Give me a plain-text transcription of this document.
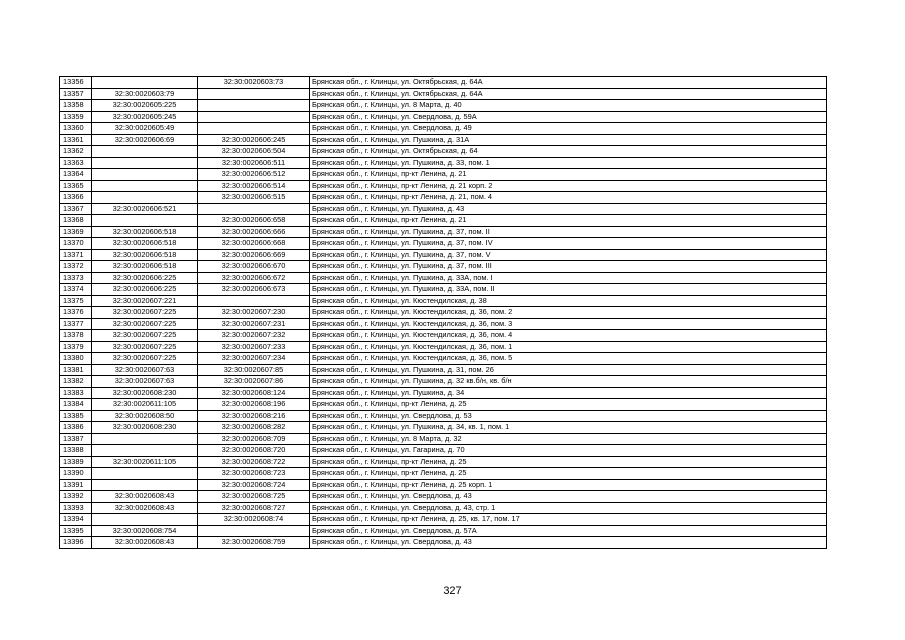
13356		32:30:0020603:73	Брянская обл., г. Клинцы, ул. Октябрьская, д. 64А
13357	32:30:0020603:79		Брянская обл., г. Клинцы, ул. Октябрьская, д. 64А
13358	32:30:0020605:225		Брянская обл., г. Клинцы, ул. 8 Марта, д. 40
13359	32:30:0020605:245		Брянская обл., г. Клинцы, ул. Свердлова, д. 59А
13360	32:30:0020605:49		Брянская обл., г. Клинцы, ул. Свердлова, д. 49
13361	32:30:0020606:69	32:30:0020606:245	Брянская обл., г. Клинцы, ул. Пушкина, д. 31А
13362		32:30:0020606:504	Брянская обл., г. Клинцы, ул. Октябрьская, д. 64
13363		32:30:0020606:511	Брянская обл., г. Клинцы, ул. Пушкина, д. 33, пом. 1
13364		32:30:0020606:512	Брянская обл., г. Клинцы, пр-кт Ленина, д. 21
13365		32:30:0020606:514	Брянская обл., г. Клинцы, пр-кт Ленина, д. 21 корп. 2
13366		32:30:0020606:515	Брянская обл., г. Клинцы, пр-кт Ленина, д. 21, пом. 4
13367	32:30:0020606:521		Брянская обл., г. Клинцы, ул. Пушкина, д. 43
13368		32:30:0020606:658	Брянская обл., г. Клинцы, пр-кт Ленина, д. 21
13369	32:30:0020606:518	32:30:0020606:666	Брянская обл., г. Клинцы, ул. Пушкина, д. 37, пом. II
13370	32:30:0020606:518	32:30:0020606:668	Брянская обл., г. Клинцы, ул. Пушкина, д. 37, пом. IV
13371	32:30:0020606:518	32:30:0020606:669	Брянская обл., г. Клинцы, ул. Пушкина, д. 37, пом. V
13372	32:30:0020606:518	32:30:0020606:670	Брянская обл., г. Клинцы, ул. Пушкина, д. 37, пом. III
13373	32:30:0020606:225	32:30:0020606:672	Брянская обл., г. Клинцы, ул. Пушкина, д. 33А, пом. I
13374	32:30:0020606:225	32:30:0020606:673	Брянская обл., г. Клинцы, ул. Пушкина, д. 33А, пом. II
13375	32:30:0020607:221		Брянская обл., г. Клинцы, ул. Кюстендилская, д. 38
13376	32:30:0020607:225	32:30:0020607:230	Брянская обл., г. Клинцы, ул. Кюстендилская, д. 36, пом. 2
13377	32:30:0020607:225	32:30:0020607:231	Брянская обл., г. Клинцы, ул. Кюстендилская, д. 36, пом. 3
13378	32:30:0020607:225	32:30:0020607:232	Брянская обл., г. Клинцы, ул. Кюстендилская, д. 36, пом. 4
13379	32:30:0020607:225	32:30:0020607:233	Брянская обл., г. Клинцы, ул. Кюстендилская, д. 36, пом. 1
13380	32:30:0020607:225	32:30:0020607:234	Брянская обл., г. Клинцы, ул. Кюстендилская, д. 36, пом. 5
13381	32:30:0020607:63	32:30:0020607:85	Брянская обл., г. Клинцы, ул. Пушкина, д. 31, пом. 26
13382	32:30:0020607:63	32:30:0020607:86	Брянская обл., г. Клинцы, ул. Пушкина, д. 32 кв.б/н, кв. б/н
13383	32:30:0020608:230	32:30:0020608:124	Брянская обл., г. Клинцы, ул. Пушкина, д. 34
13384	32:30:0020611:105	32:30:0020608:196	Брянская обл., г. Клинцы, пр-кт Ленина, д. 25
13385	32:30:0020608:50	32:30:0020608:216	Брянская обл., г. Клинцы, ул. Свердлова, д. 53
13386	32:30:0020608:230	32:30:0020608:282	Брянская обл., г. Клинцы, ул. Пушкина, д. 34, кв. 1, пом. 1
13387		32:30:0020608:709	Брянская обл., г. Клинцы, ул. 8 Марта, д. 32
13388		32:30:0020608:720	Брянская обл., г. Клинцы, ул. Гагарина, д. 70
13389	32:30:0020611:105	32:30:0020608:722	Брянская обл., г. Клинцы, пр-кт Ленина, д. 25
13390		32:30:0020608:723	Брянская обл., г. Клинцы, пр-кт Ленина, д. 25
13391		32:30:0020608:724	Брянская обл., г. Клинцы, пр-кт Ленина, д. 25 корп. 1
13392	32:30:0020608:43	32:30:0020608:725	Брянская обл., г. Клинцы, ул. Свердлова, д. 43
13393	32:30:0020608:43	32:30:0020608:727	Брянская обл., г. Клинцы, ул. Свердлова, д. 43, стр. 1
13394		32:30:0020608:74	Брянская обл., г. Клинцы, пр-кт Ленина, д. 25, кв. 17, пом. 17
13395	32:30:0020608:754		Брянская обл., г. Клинцы, ул. Свердлова, д. 57А
13396	32:30:0020608:43	32:30:0020608:759	Брянская обл., г. Клинцы, ул. Свердлова, д. 43
327
